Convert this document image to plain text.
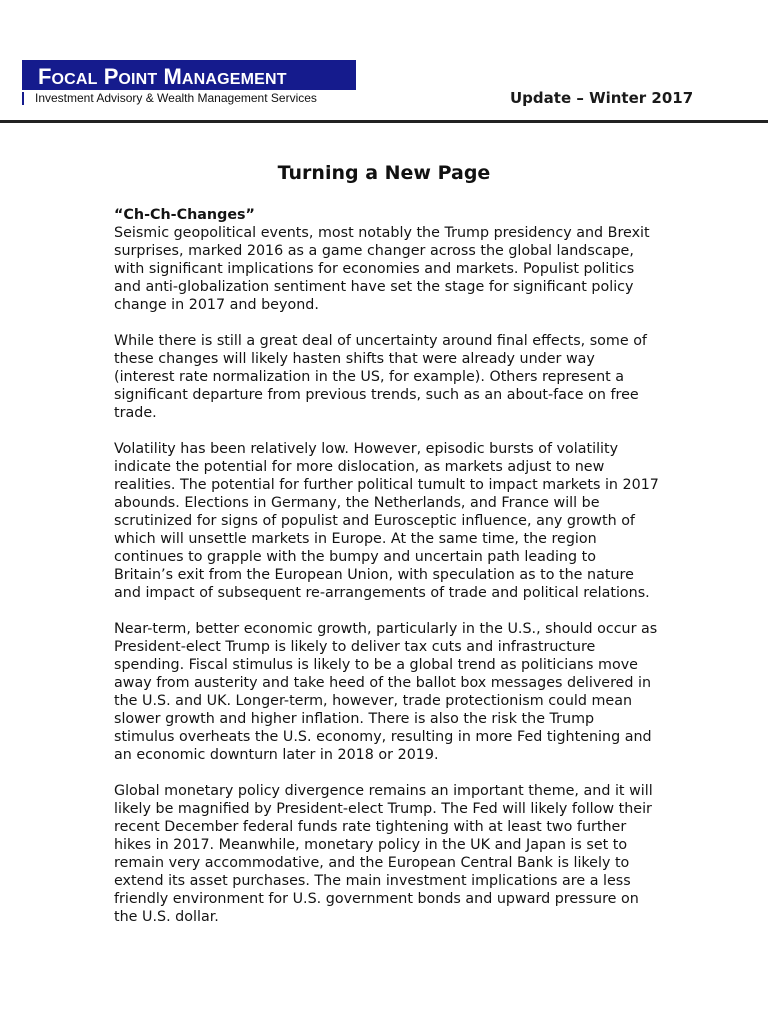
FOCAL POINT MANAGEMENT
Investment Advisory & Wealth Management Services	Update – Winter 2017
Turning a New Page
“Ch-Ch-Changes”

Seismic geopolitical events, most notably the Trump presidency and Brexit surprises, marked 2016 as a game changer across the global landscape, with significant implications for economies and markets. Populist politics and anti-globalization sentiment have set the stage for significant policy change in 2017 and beyond.

While there is still a great deal of uncertainty around final effects, some of these changes will likely hasten shifts that were already under way (interest rate normalization in the US, for example). Others represent a significant departure from previous trends, such as an about-face on free trade.

Volatility has been relatively low. However, episodic bursts of volatility indicate the potential for more dislocation, as markets adjust to new realities. The potential for further political tumult to impact markets in 2017 abounds. Elections in Germany, the Netherlands, and France will be scrutinized for signs of populist and Eurosceptic influence, any growth of which will unsettle markets in Europe. At the same time, the region continues to grapple with the bumpy and uncertain path leading to Britain’s exit from the European Union, with speculation as to the nature and impact of subsequent re-arrangements of trade and political relations.

Near-term, better economic growth, particularly in the U.S., should occur as President-elect Trump is likely to deliver tax cuts and infrastructure spending. Fiscal stimulus is likely to be a global trend as politicians move away from austerity and take heed of the ballot box messages delivered in the U.S. and UK. Longer-term, however, trade protectionism could mean slower growth and higher inflation. There is also the risk the Trump stimulus overheats the U.S. economy, resulting in more Fed tightening and an economic downturn later in 2018 or 2019.

Global monetary policy divergence remains an important theme, and it will likely be magnified by President-elect Trump. The Fed will likely follow their recent December federal funds rate tightening with at least two further hikes in 2017. Meanwhile, monetary policy in the UK and Japan is set to remain very accommodative, and the European Central Bank is likely to extend its asset purchases. The main investment implications are a less friendly environment for U.S. government bonds and upward pressure on the U.S. dollar.
